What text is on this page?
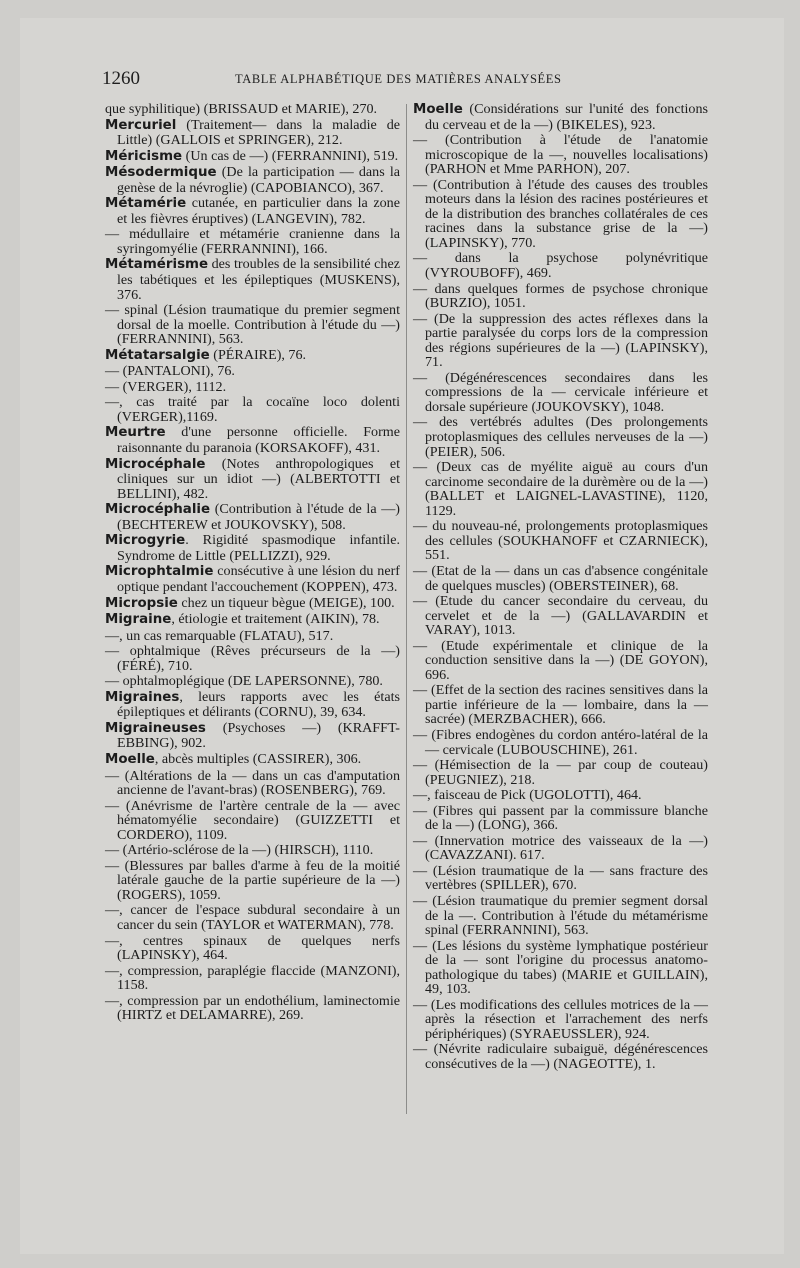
1260	TABLE ALPHABÉTIQUE DES MATIÈRES ANALYSÉES
que syphilitique) (BRISSAUD et MARIE), 270.
Mercuriel (Traitement— dans la maladie de Little) (GALLOIS et SPRINGER), 212.
Méricisme (Un cas de —) (FERRANNINI), 519.
Mésodermique (De la participation — dans la genèse de la névroglie) (CAPOBIANCO), 367.
Métamérie cutanée, en particulier dans la zone et les fièvres éruptives) (LANGEVIN), 782.
— médullaire et métamérie cranienne dans la syringomyélie (FERRANNINI), 166.
Métamérisme des troubles de la sensibilité chez les tabétiques et les épileptiques (MUSKENS), 376.
— spinal (Lésion traumatique du premier segment dorsal de la moelle. Contribution à l'étude du —) (FERRANNINI), 563.
Métatarsalgie (PÉRAIRE), 76.
— (PANTALONI), 76.
— (VERGER), 1112.
—, cas traité par la cocaïne loco dolenti (VERGER),1169.
Meurtre d'une personne officielle. Forme raisonnante du paranoia (KORSAKOFF), 431.
Microcéphale (Notes anthropologiques et cliniques sur un idiot —) (ALBERTOTTI et BELLINI), 482.
Microcéphalie (Contribution à l'étude de la —) (BECHTEREW et JOUKOVSKY), 508.
Microgyrie. Rigidité spasmodique infantile. Syndrome de Little (PELLIZZI), 929.
Microphtalmie consécutive à une lésion du nerf optique pendant l'accouchement (KOPPEN), 473.
Micropsie chez un tiqueur bègue (MEIGE), 100.
Migraine, étiologie et traitement (AIKIN), 78.
—, un cas remarquable (FLATAU), 517.
— ophtalmique (Rêves précurseurs de la —) (FÉRÉ), 710.
— ophtalmoplégique (DE LAPERSONNE), 780.
Migraines, leurs rapports avec les états épileptiques et délirants (CORNU), 39, 634.
Migraineuses (Psychoses —) (KRAFFT-EBBING), 902.
Moelle, abcès multiples (CASSIRER), 306.
— (Altérations de la — dans un cas d'amputation ancienne de l'avant-bras) (ROSENBERG), 769.
— (Anévrisme de l'artère centrale de la — avec hématomyélie secondaire) (GUIZZETTI et CORDERO), 1109.
— (Artério-sclérose de la —) (HIRSCH), 1110.
— (Blessures par balles d'arme à feu de la moitié latérale gauche de la partie supérieure de la —) (ROGERS), 1059.
—, cancer de l'espace subdural secondaire à un cancer du sein (TAYLOR et WATERMAN), 778.
—, centres spinaux de quelques nerfs (LAPINSKY), 464.
—, compression, paraplégie flaccide (MANZONI), 1158.
—, compression par un endothélium, laminectomie (HIRTZ et DELAMARRE), 269.
Moelle (Considérations sur l'unité des fonctions du cerveau et de la —) (BIKELES), 923.
— (Contribution à l'étude de l'anatomie microscopique de la —, nouvelles localisations) (PARHON et Mme PARHON), 207.
— (Contribution à l'étude des causes des troubles moteurs dans la lésion des racines postérieures et de la distribution des branches collatérales de ces racines dans la substance grise de la —) (LAPINSKY), 770.
— dans la psychose polynévritique (VYROUBOFF), 469.
— dans quelques formes de psychose chronique (BURZIO), 1051.
— (De la suppression des actes réflexes dans la partie paralysée du corps lors de la compression des régions supérieures de la —) (LAPINSKY), 71.
— (Dégénérescences secondaires dans les compressions de la — cervicale inférieure et dorsale supérieure (JOUKOVSKY), 1048.
— des vertébrés adultes (Des prolongements protoplasmiques des cellules nerveuses de la —) (PEIER), 506.
— (Deux cas de myélite aiguë au cours d'un carcinome secondaire de la durèmère ou de la —) (BALLET et LAIGNEL-LAVASTINE), 1120, 1129.
— du nouveau-né, prolongements protoplasmiques des cellules (SOUKHANOFF et CZARNIECK), 551.
— (Etat de la — dans un cas d'absence congénitale de quelques muscles) (OBERSTEINER), 68.
— (Etude du cancer secondaire du cerveau, du cervelet et de la —) (GALLAVARDIN et VARAY), 1013.
— (Etude expérimentale et clinique de la conduction sensitive dans la —) (DE GOYON), 696.
— (Effet de la section des racines sensitives dans la partie inférieure de la — lombaire, dans la — sacrée) (MERZBACHER), 666.
— (Fibres endogènes du cordon antéro-latéral de la — cervicale (LUBOUSCHINE), 261.
— (Hémisection de la — par coup de couteau) (PEUGNIEZ), 218.
—, faisceau de Pick (UGOLOTTI), 464.
— (Fibres qui passent par la commissure blanche de la —) (LONG), 366.
— (Innervation motrice des vaisseaux de la —) (CAVAZZANI). 617.
— (Lésion traumatique de la — sans fracture des vertèbres (SPILLER), 670.
— (Lésion traumatique du premier segment dorsal de la —. Contribution à l'étude du métamérisme spinal (FERRANNINI), 563.
— (Les lésions du système lymphatique postérieur de la — sont l'origine du processus anatomo-pathologique du tabes) (MARIE et GUILLAIN), 49, 103.
— (Les modifications des cellules motrices de la — après la résection et l'arrachement des nerfs périphériques) (SYRAEUSSLER), 924.
— (Névrite radiculaire subaiguë, dégénérescences consécutives de la —) (NAGEOTTE), 1.
